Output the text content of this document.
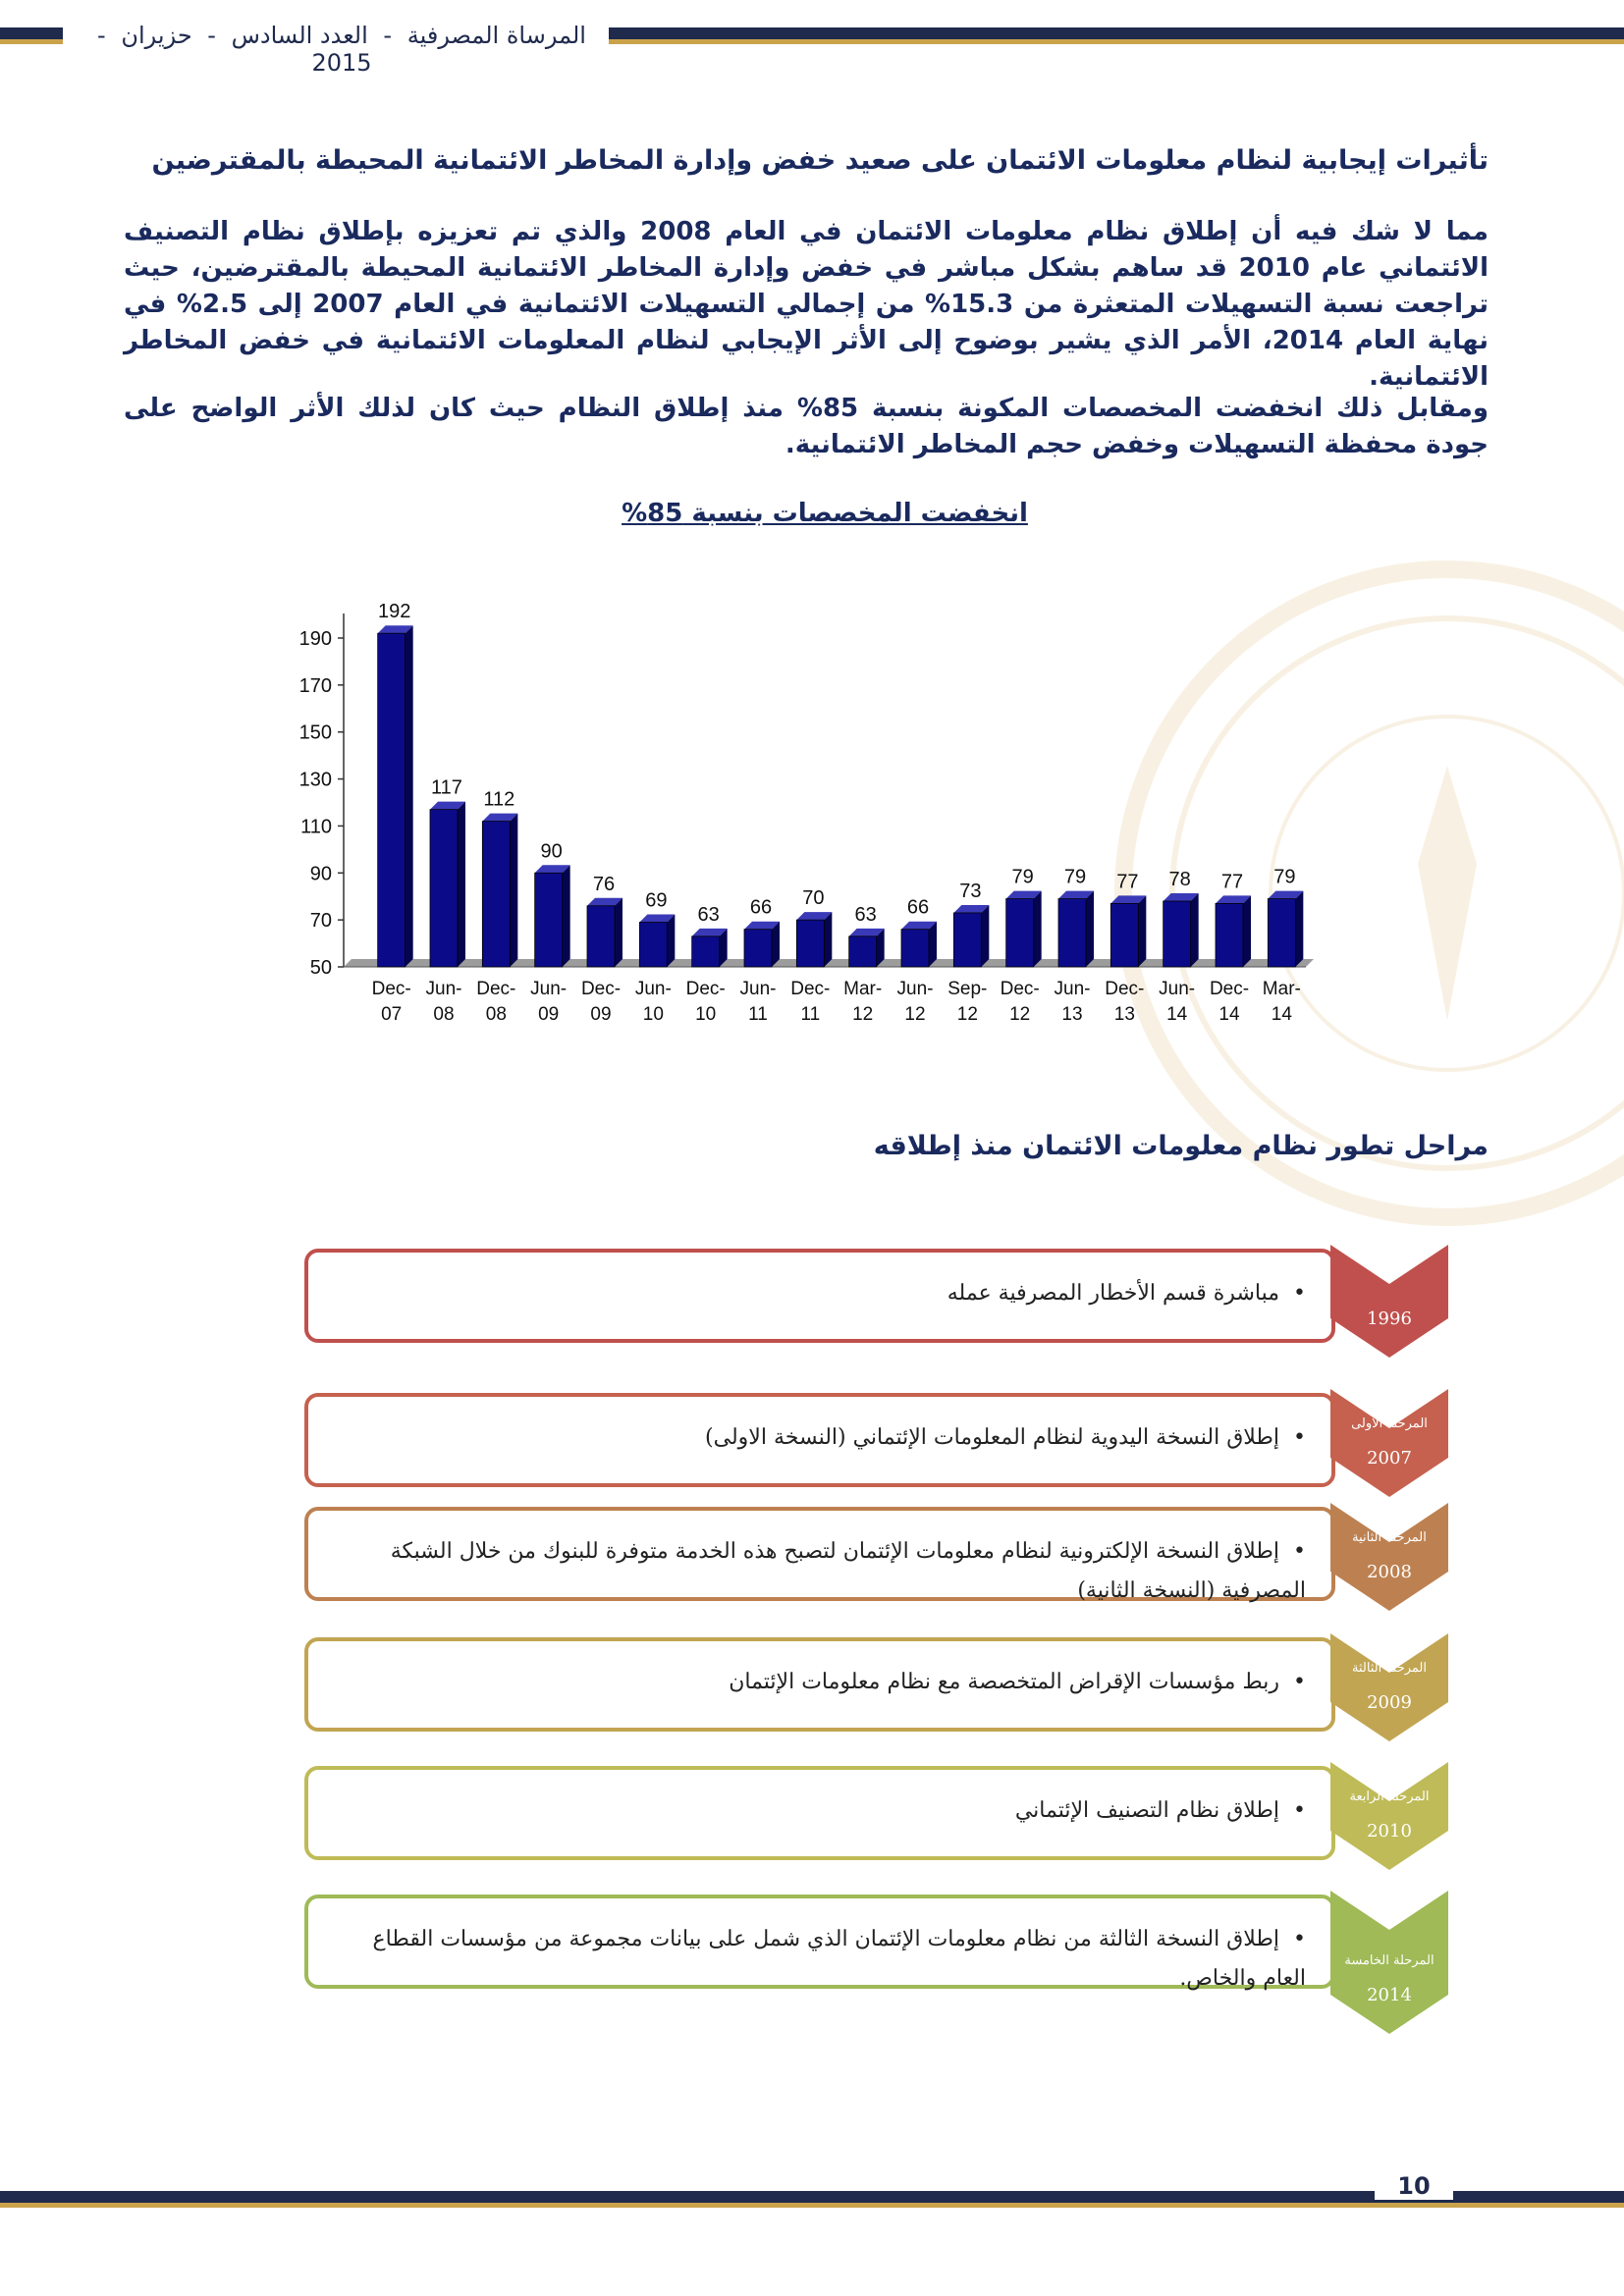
المرساة المصرفية - العدد السادس - حزيران - 2015
تأثيرات إيجابية لنظام معلومات الائتمان على صعيد خفض وإدارة المخاطر الائتمانية المحيطة بالمقترضين
مما لا شك فيه أن إطلاق نظام معلومات الائتمان في العام 2008 والذي تم تعزيزه بإطلاق نظام التصنيف الائتماني عام 2010 قد ساهم بشكل مباشر في خفض وإدارة المخاطر الائتمانية المحيطة بالمقترضين، حيث تراجعت نسبة التسهيلات المتعثرة من 15.3% من إجمالي التسهيلات الائتمانية في العام 2007 إلى 2.5% في نهاية العام 2014، الأمر الذي يشير بوضوح إلى الأثر الإيجابي لنظام المعلومات الائتمانية في خفض المخاطر الائتمانية.
ومقابل ذلك انخفضت المخصصات المكونة بنسبة 85% منذ إطلاق النظام حيث كان لذلك الأثر الواضح على جودة محفظة التسهيلات وخفض حجم المخاطر الائتمانية.
انخفضت المخصصات بنسبة 85%
50
70
90
110
130
150
170
190
192
Dec-
07
117
Jun-
08
112
Dec-
08
90
Jun-
09
76
Dec-
09
69
Jun-
10
63
Dec-
10
66
Jun-
11
70
Dec-
11
63
Mar-
12
66
Jun-
12
73
Sep-
12
79
Dec-
12
79
Jun-
13
77
Dec-
13
78
Jun-
14
77
Dec-
14
79
Mar-
14
مراحل تطور نظام معلومات الائتمان منذ إطلاقه
• مباشرة قسم الأخطار المصرفية عمله
1996
• إطلاق النسخة اليدوية لنظام المعلومات الإئتماني (النسخة الاولى)
المرحلة الاولى
2007
• إطلاق النسخة الإلكترونية لنظام معلومات الإئتمان لتصبح هذه الخدمة متوفرة للبنوك من خلال الشبكة المصرفية (النسخة الثانية)
المرحلة الثانية
2008
• ربط مؤسسات الإقراض المتخصصة مع نظام معلومات الإئتمان
المرحلة الثالثة
2009
• إطلاق نظام التصنيف الإئتماني
المرحلة الرابعة
2010
• إطلاق النسخة الثالثة من نظام معلومات الإئتمان الذي شمل على بيانات مجموعة من مؤسسات القطاع العام والخاص.
المرحلة الخامسة
2014
10
